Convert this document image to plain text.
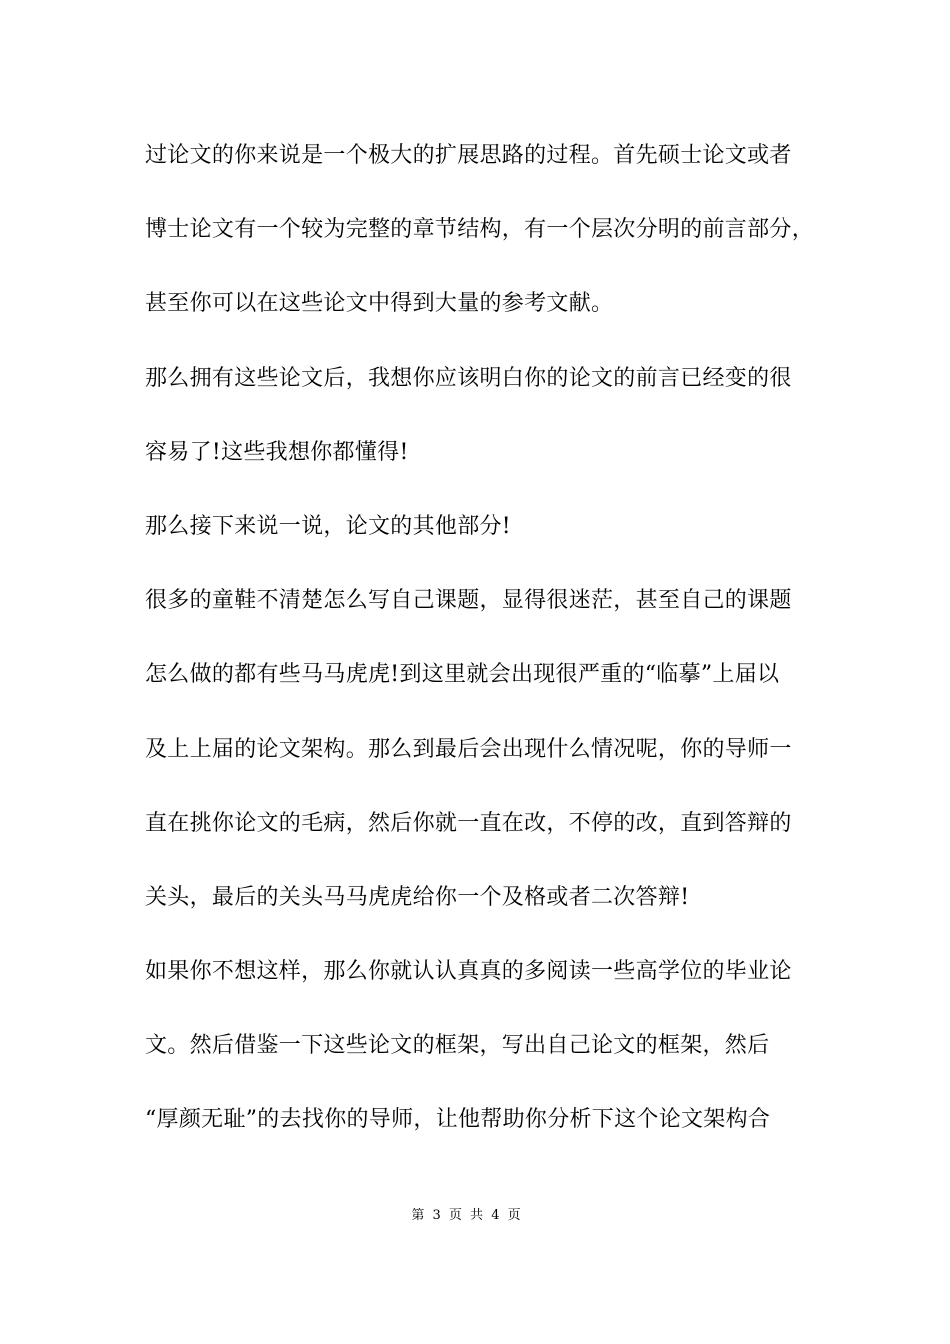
过论文的你来说是一个极大的扩展思路的过程。首先硕士论文或者
博士论文有一个较为完整的章节结构，有一个层次分明的前言部分，
甚至你可以在这些论文中得到大量的参考文献。
那么拥有这些论文后，我想你应该明白你的论文的前言已经变的很
容易了!这些我想你都懂得!
那么接下来说一说，论文的其他部分!
很多的童鞋不清楚怎么写自己课题，显得很迷茫，甚至自己的课题
怎么做的都有些马马虎虎!到这里就会出现很严重的“临摹”上届以
及上上届的论文架构。那么到最后会出现什么情况呢，你的导师一
直在挑你论文的毛病，然后你就一直在改，不停的改，直到答辩的
关头，最后的关头马马虎虎给你一个及格或者二次答辩!
如果你不想这样，那么你就认认真真的多阅读一些高学位的毕业论
文。然后借鉴一下这些论文的框架，写出自己论文的框架，然后
“厚颜无耻”的去找你的导师，让他帮助你分析下这个论文架构合
第 3 页 共 4 页
